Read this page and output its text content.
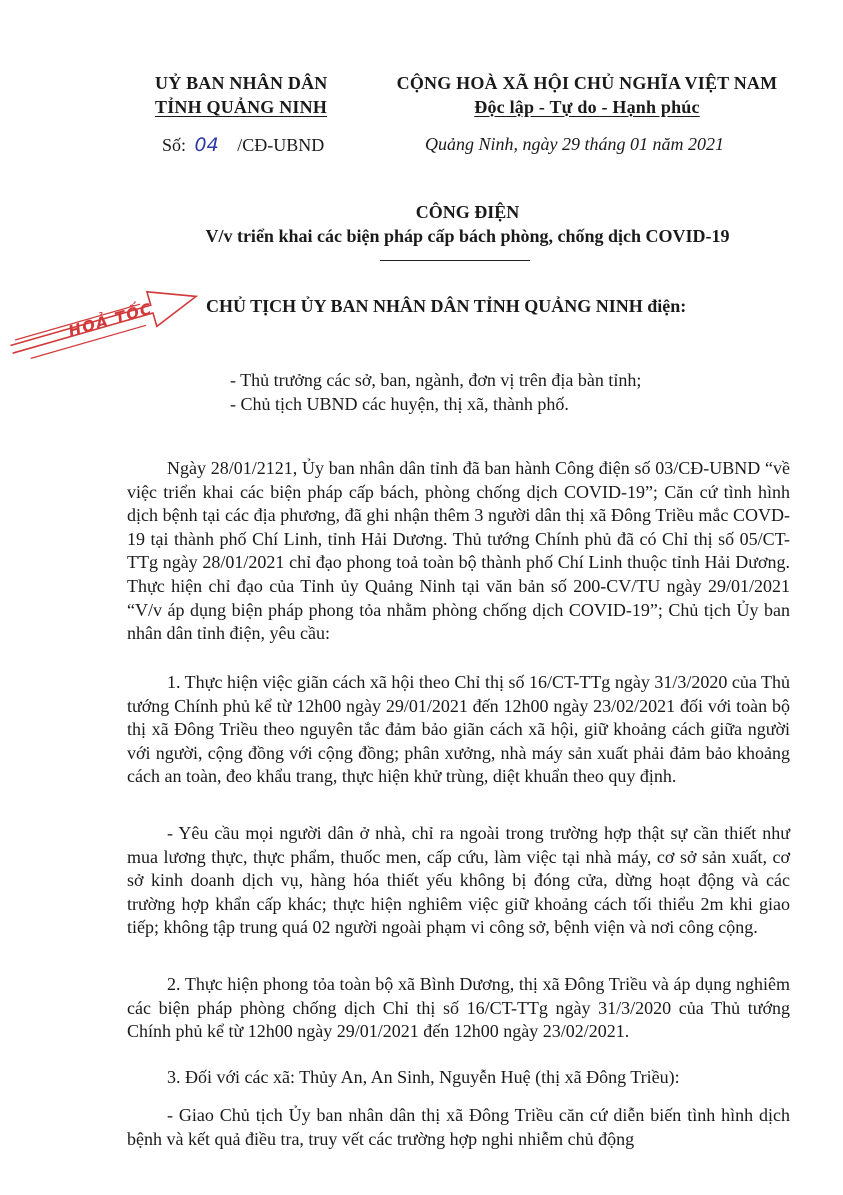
UỶ BAN NHÂN DÂN
TỈNH QUẢNG NINH
CỘNG HOÀ XÃ HỘI CHỦ NGHĨA VIỆT NAM
Độc lập - Tự do - Hạnh phúc
Số: 04 /CĐ-UBND	Quảng Ninh, ngày 29 tháng 01 năm 2021
CÔNG ĐIỆN
V/v triển khai các biện pháp cấp bách phòng, chống dịch COVID-19
HOẢ TỐC	CHỦ TỊCH ỦY BAN NHÂN DÂN TỈNH QUẢNG NINH điện:
- Thủ trưởng các sở, ban, ngành, đơn vị trên địa bàn tỉnh;
- Chủ tịch UBND các huyện, thị xã, thành phố.
Ngày 28/01/2121, Ủy ban nhân dân tỉnh đã ban hành Công điện số 03/CĐ-UBND “về việc triển khai các biện pháp cấp bách, phòng chống dịch COVID-19”; Căn cứ tình hình dịch bệnh tại các địa phương, đã ghi nhận thêm 3 người dân thị xã Đông Triều mắc COVD-19 tại thành phố Chí Linh, tỉnh Hải Dương. Thủ tướng Chính phủ đã có Chỉ thị số 05/CT-TTg ngày 28/01/2021 chỉ đạo phong toả toàn bộ thành phố Chí Linh thuộc tỉnh Hải Dương. Thực hiện chỉ đạo của Tỉnh ủy Quảng Ninh tại văn bản số 200-CV/TU ngày 29/01/2021 “V/v áp dụng biện pháp phong tỏa nhằm phòng chống dịch COVID-19”; Chủ tịch Ủy ban nhân dân tỉnh điện, yêu cầu:
1. Thực hiện việc giãn cách xã hội theo Chỉ thị số 16/CT-TTg ngày 31/3/2020 của Thủ tướng Chính phủ kể từ 12h00 ngày 29/01/2021 đến 12h00 ngày 23/02/2021 đối với toàn bộ thị xã Đông Triều theo nguyên tắc đảm bảo giãn cách xã hội, giữ khoảng cách giữa người với người, cộng đồng với cộng đồng; phân xưởng, nhà máy sản xuất phải đảm bảo khoảng cách an toàn, đeo khẩu trang, thực hiện khử trùng, diệt khuẩn theo quy định.
- Yêu cầu mọi người dân ở nhà, chỉ ra ngoài trong trường hợp thật sự cần thiết như mua lương thực, thực phẩm, thuốc men, cấp cứu, làm việc tại nhà máy, cơ sở sản xuất, cơ sở kinh doanh dịch vụ, hàng hóa thiết yếu không bị đóng cửa, dừng hoạt động và các trường hợp khẩn cấp khác; thực hiện nghiêm việc giữ khoảng cách tối thiểu 2m khi giao tiếp; không tập trung quá 02 người ngoài phạm vi công sở, bệnh viện và nơi công cộng.
2. Thực hiện phong tỏa toàn bộ xã Bình Dương, thị xã Đông Triều và áp dụng nghiêm các biện pháp phòng chống dịch Chỉ thị số 16/CT-TTg ngày 31/3/2020 của Thủ tướng Chính phủ kể từ 12h00 ngày 29/01/2021 đến 12h00 ngày 23/02/2021.
3. Đối với các xã: Thủy An, An Sinh, Nguyễn Huệ (thị xã Đông Triều):
- Giao Chủ tịch Ủy ban nhân dân thị xã Đông Triều căn cứ diễn biến tình hình dịch bệnh và kết quả điều tra, truy vết các trường hợp nghi nhiễm chủ động
